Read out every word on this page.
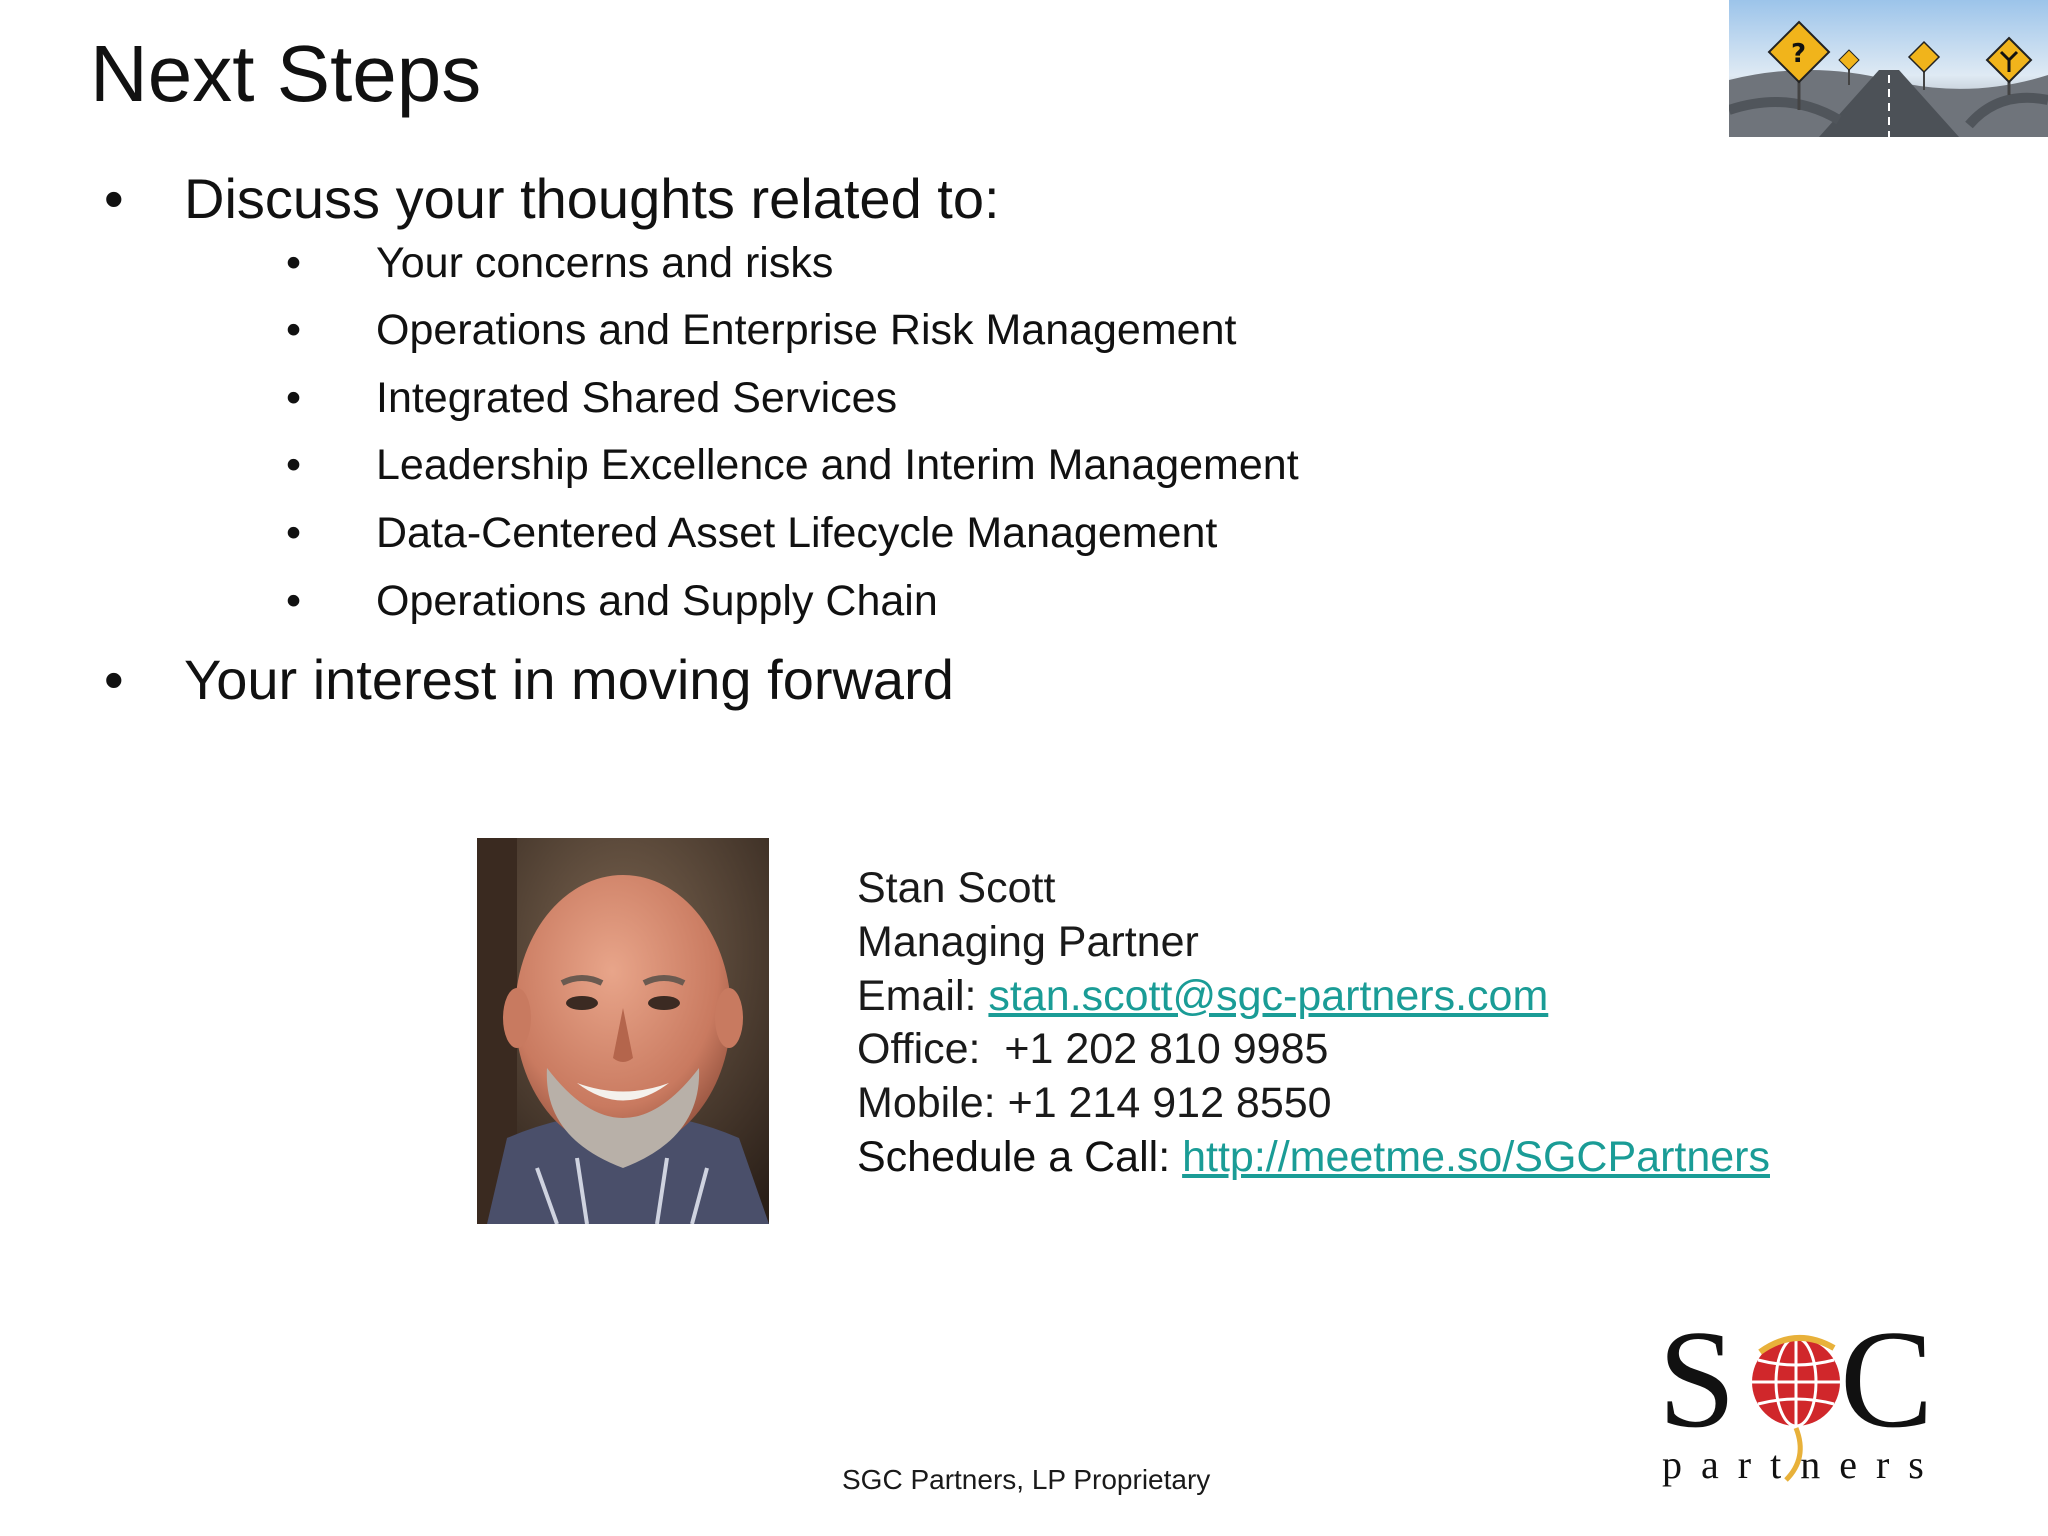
Next Steps	?
• Discuss your thoughts related to:
• Your concerns and risks
• Operations and Enterprise Risk Management
• Integrated Shared Services
• Leadership Excellence and Interim Management
• Data-Centered Asset Lifecycle Management
• Operations and Supply Chain
• Your interest in moving forward
Stan Scott
Managing Partner
Email: stan.scott@sgc-partners.com
Office: +1 202 810 9985
Mobile: +1 214 912 8550
Schedule a Call: http://meetme.so/SGCPartners
SGC Partners, LP Proprietary
S C
partners
